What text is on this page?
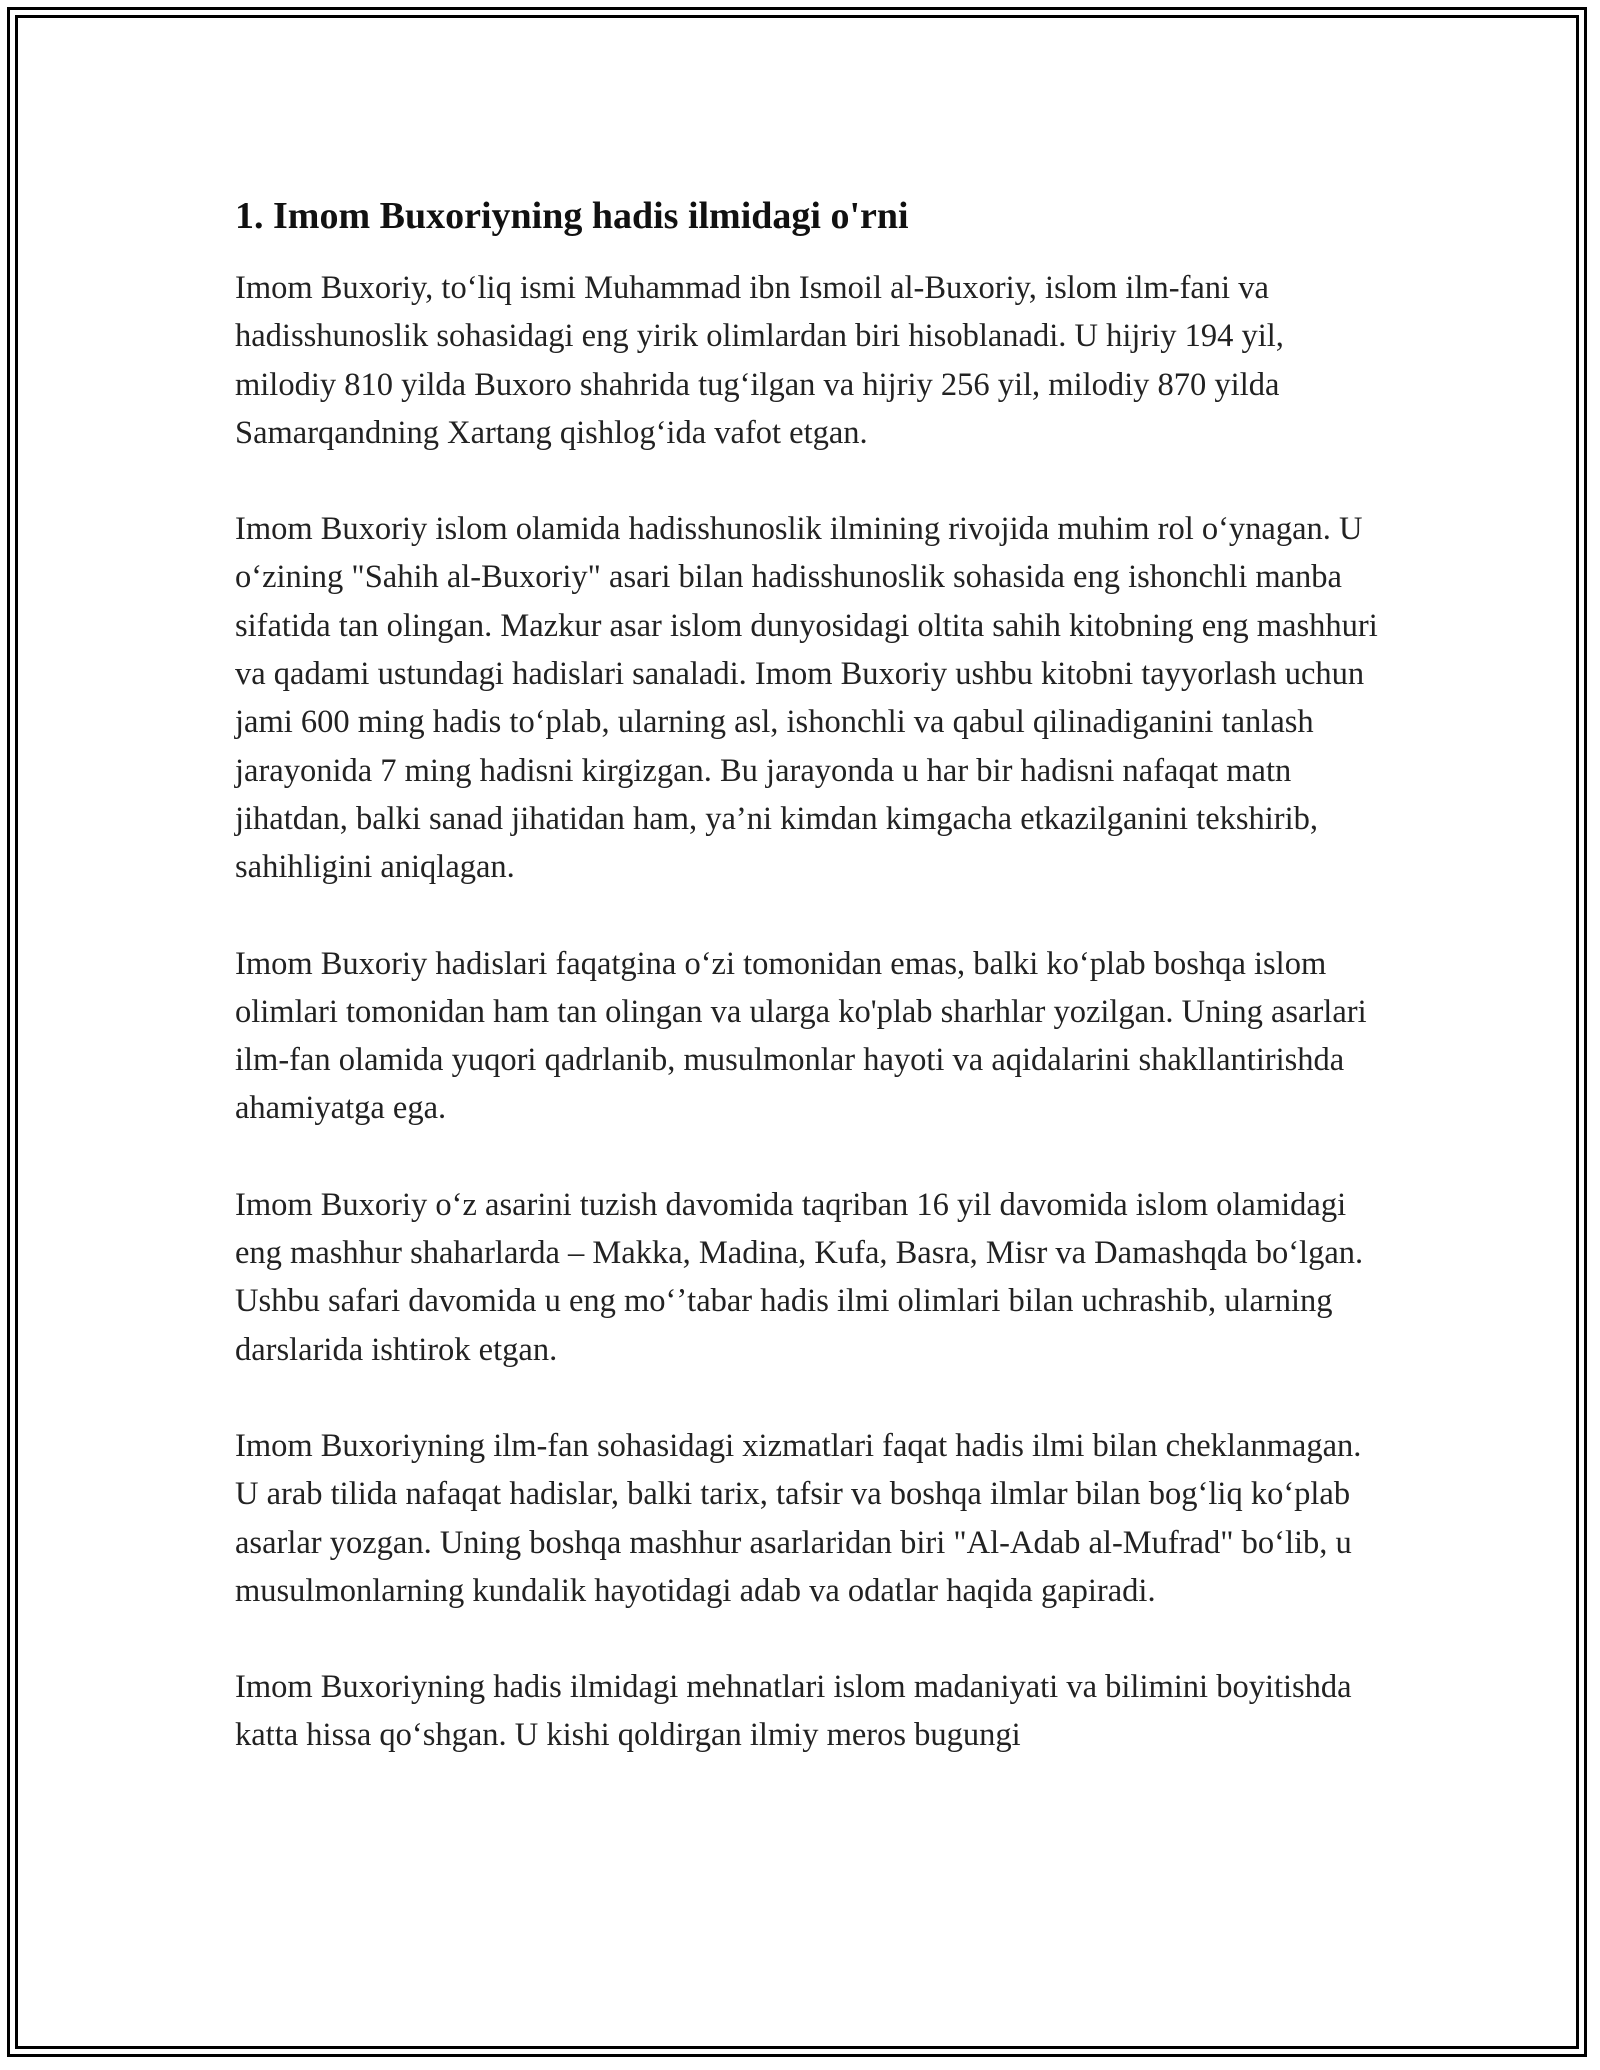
1. Imom Buxoriyning hadis ilmidagi o'rni

Imom Buxoriy, toʻliq ismi Muhammad ibn Ismoil al-Buxoriy, islom ilm-fani va hadisshunoslik sohasidagi eng yirik olimlardan biri hisoblanadi. U hijriy 194 yil, milodiy 810 yilda Buxoro shahrida tugʻilgan va hijriy 256 yil, milodiy 870 yilda Samarqandning Xartang qishlogʻida vafot etgan.

Imom Buxoriy islom olamida hadisshunoslik ilmining rivojida muhim rol oʻynagan. U oʻzining "Sahih al-Buxoriy" asari bilan hadisshunoslik sohasida eng ishonchli manba sifatida tan olingan. Mazkur asar islom dunyosidagi oltita sahih kitobning eng mashhuri va qadami ustundagi hadislari sanaladi. Imom Buxoriy ushbu kitobni tayyorlash uchun jami 600 ming hadis toʻplab, ularning asl, ishonchli va qabul qilinadiganini tanlash jarayonida 7 ming hadisni kirgizgan. Bu jarayonda u har bir hadisni nafaqat matn jihatdan, balki sanad jihatidan ham, ya’ni kimdan kimgacha etkazilganini tekshirib, sahihligini aniqlagan.

Imom Buxoriy hadislari faqatgina oʻzi tomonidan emas, balki koʻplab boshqa islom olimlari tomonidan ham tan olingan va ularga ko'plab sharhlar yozilgan. Uning asarlari ilm-fan olamida yuqori qadrlanib, musulmonlar hayoti va aqidalarini shakllantirishda ahamiyatga ega.

Imom Buxoriy oʻz asarini tuzish davomida taqriban 16 yil davomida islom olamidagi eng mashhur shaharlarda – Makka, Madina, Kufa, Basra, Misr va Damashqda boʻlgan. Ushbu safari davomida u eng moʻʼtabar hadis ilmi olimlari bilan uchrashib, ularning darslarida ishtirok etgan.

Imom Buxoriyning ilm-fan sohasidagi xizmatlari faqat hadis ilmi bilan cheklanmagan. U arab tilida nafaqat hadislar, balki tarix, tafsir va boshqa ilmlar bilan bogʻliq koʻplab asarlar yozgan. Uning boshqa mashhur asarlaridan biri "Al-Adab al-Mufrad" boʻlib, u musulmonlarning kundalik hayotidagi adab va odatlar haqida gapiradi.

Imom Buxoriyning hadis ilmidagi mehnatlari islom madaniyati va bilimini boyitishda katta hissa qoʻshgan. U kishi qoldirgan ilmiy meros bugungi
